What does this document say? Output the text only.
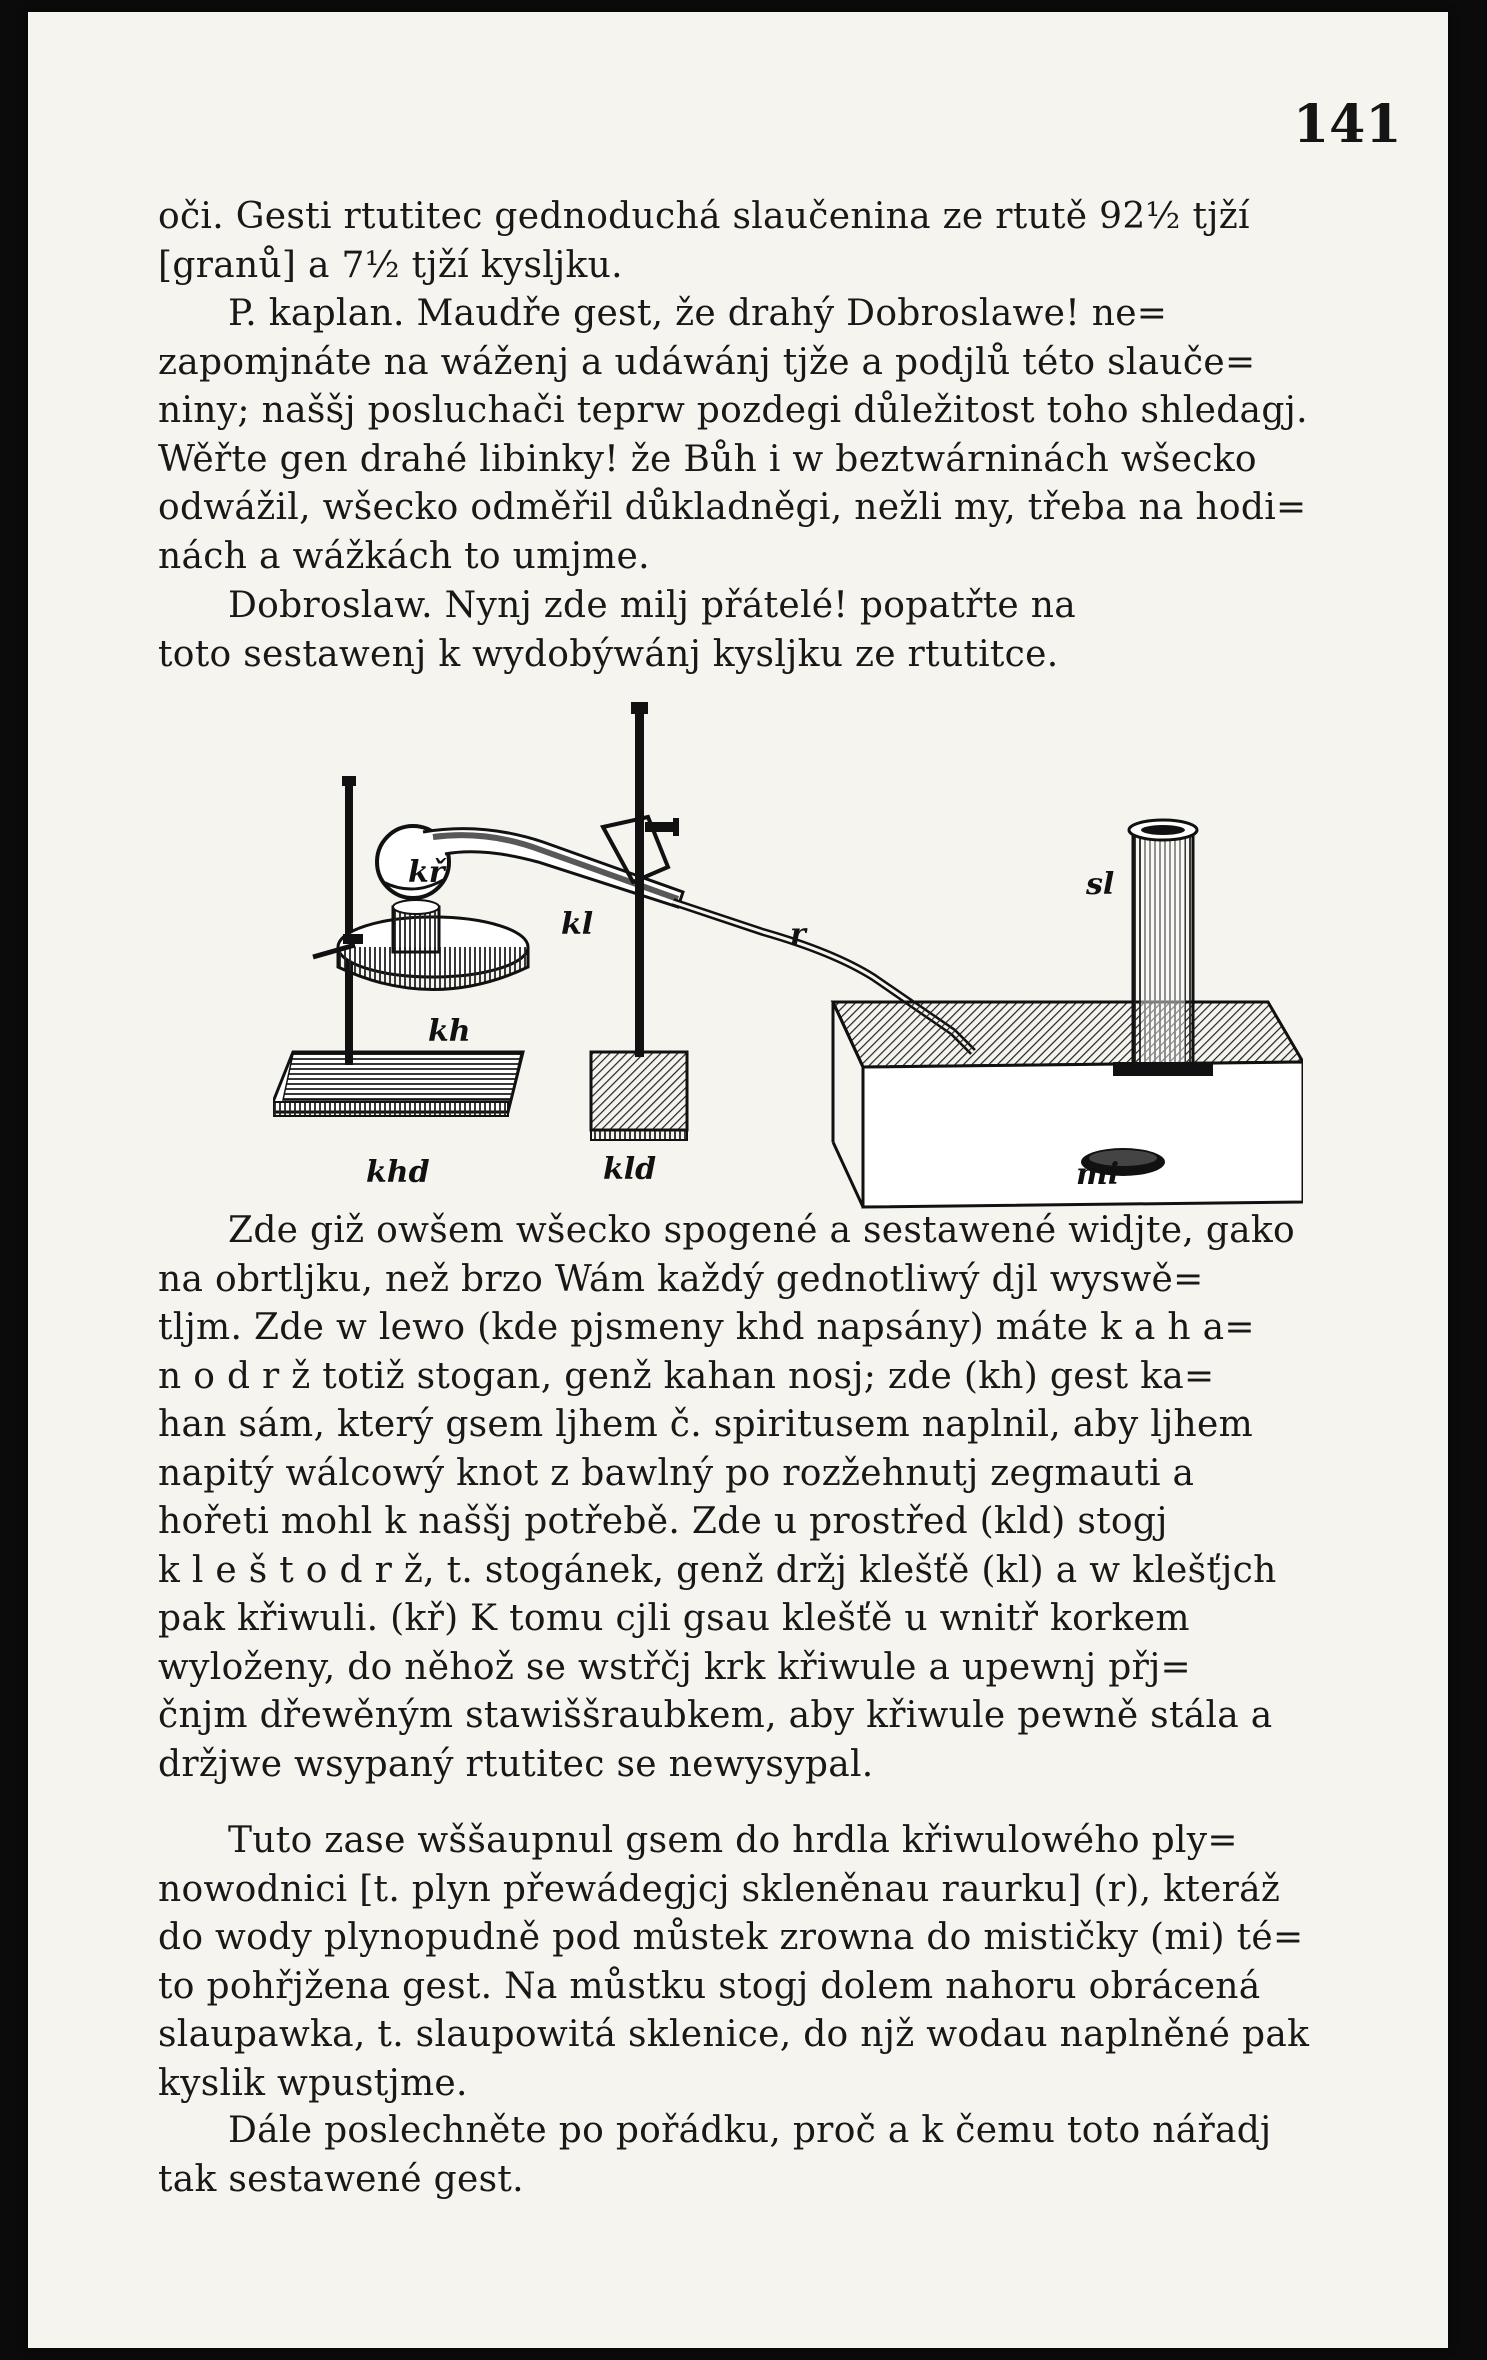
141
oči. Gesti rtutitec gednoduchá slaučenina ze rtutě 92½ tjží
[granů] a 7½ tjží kysljku.
P. kaplan. Maudře gest, že drahý Dobroslawe! ne=
zapomjnáte na wáženj a udáwánj tjže a podjlů této slauče=
niny; naššj posluchači teprw pozdegi důležitost toho shledagj.
Wěřte gen drahé libinky! že Bůh i w beztwárninách wšecko
odwážil, wšecko odměřil důkladněgi, nežli my, třeba na hodi=
nách a wážkách to umjme.
Dobroslaw. Nynj zde milj přátelé! popatřte na
toto sestawenj k wydobýwánj kysljku ze rtutitce.
kř
kl	r
sl
kh
khd	kld	mi
Zde giž owšem wšecko spogené a sestawené widjte, gako
na obrtljku, než brzo Wám každý gednotliwý djl wyswě=
tljm. Zde w lewo (kde pjsmeny khd napsány) máte k a h a=
n o d r ž totiž stogan, genž kahan nosj; zde (kh) gest ka=
han sám, který gsem ljhem č. spiritusem naplnil, aby ljhem
napitý wálcowý knot z bawlný po rozžehnutj zegmauti a
hořeti mohl k naššj potřebě. Zde u prostřed (kld) stogj
k l e š t o d r ž, t. stogánek, genž držj klešťě (kl) a w klešťjch
pak křiwuli. (kř) K tomu cjli gsau klešťě u wnitř korkem
wyloženy, do něhož se wstřčj krk křiwule a upewnj přj=
čnjm dřewěným stawiššraubkem, aby křiwule pewně stála a
držjwe wsypaný rtutitec se newysypal.
Tuto zase wššaupnul gsem do hrdla křiwulowého ply=
nowodnici [t. plyn přewádegjcj skleněnau raurku] (r), kteráž
do wody plynopudně pod můstek zrowna do mističky (mi) té=
to pohřjžena gest. Na můstku stogj dolem nahoru obrácená
slaupawka, t. slaupowitá sklenice, do njž wodau naplněné pak
kyslik wpustjme.
Dále poslechněte po pořádku, proč a k čemu toto nářadj
tak sestawené gest.
